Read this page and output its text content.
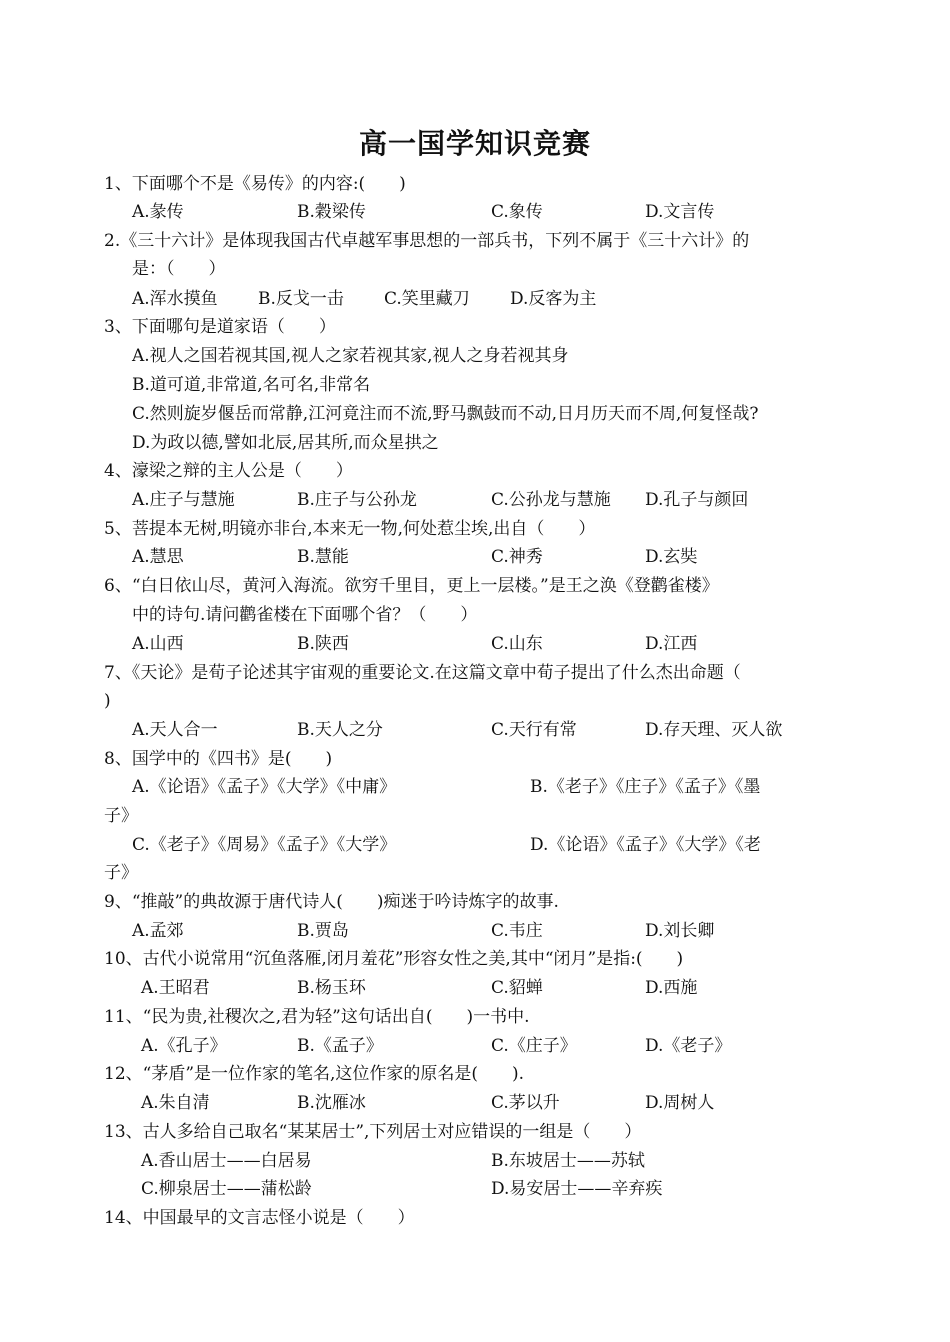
高一国学知识竞赛
1、下面哪个不是《易传》的内容:(　　)
A.彖传	B.穀梁传	C.象传	D.文言传
2.《三十六计》是体现我国古代卓越军事思想的一部兵书，下列不属于《三十六计》的
是：（　　）
A.浑水摸鱼 B.反戈一击 C.笑里藏刀 D.反客为主
3、下面哪句是道家语（　　）
A.视人之国若视其国,视人之家若视其家,视人之身若视其身
B.道可道,非常道,名可名,非常名
C.然则旋岁偃岳而常静,江河竟注而不流,野马飘鼓而不动,日月历天而不周,何复怪哉?
D.为政以德,譬如北辰,居其所,而众星拱之
4、濠梁之辩的主人公是（　　）
A.庄子与慧施	B.庄子与公孙龙	C.公孙龙与慧施 D.孔子与颜回
5、菩提本无树,明镜亦非台,本来无一物,何处惹尘埃,出自（　　）
A.慧思	B.慧能	C.神秀	D.玄奘
6、“白日依山尽，黄河入海流。欲穷千里目，更上一层楼。”是王之涣《登鹳雀楼》
中的诗句.请问鹳雀楼在下面哪个省？（　　）
A.山西	B.陕西	C.山东	D.江西
7、《天论》是荀子论述其宇宙观的重要论文.在这篇文章中荀子提出了什么杰出命题（
)
A.天人合一	B.天人之分	C.天行有常	D.存天理、灭人欲
8、国学中的《四书》是(　　)
A.《论语》《孟子》《大学》《中庸》	B.《老子》《庄子》《孟子》《墨
子》
C.《老子》《周易》《孟子》《大学》	D.《论语》《孟子》《大学》《老
子》
9、“推敲”的典故源于唐代诗人(　　)痴迷于吟诗炼字的故事.
A.孟郊	B.贾岛	C.韦庄	D.刘长卿
10、古代小说常用“沉鱼落雁,闭月羞花”形容女性之美,其中“闭月”是指:(　　)
A.王昭君	B.杨玉环	C.貂蝉	D.西施
11、“民为贵,社稷次之,君为轻”这句话出自(　　)一书中.
A.《孔子》	B.《孟子》	C.《庄子》	D.《老子》
12、“茅盾”是一位作家的笔名,这位作家的原名是(　　).
A.朱自清	B.沈雁冰	C.茅以升	D.周树人
13、古人多给自己取名“某某居士”,下列居士对应错误的一组是（　　）
A.香山居士——白居易	B.东坡居士——苏轼
C.柳泉居士——蒲松龄	D.易安居士——辛弃疾
14、中国最早的文言志怪小说是（　　）
